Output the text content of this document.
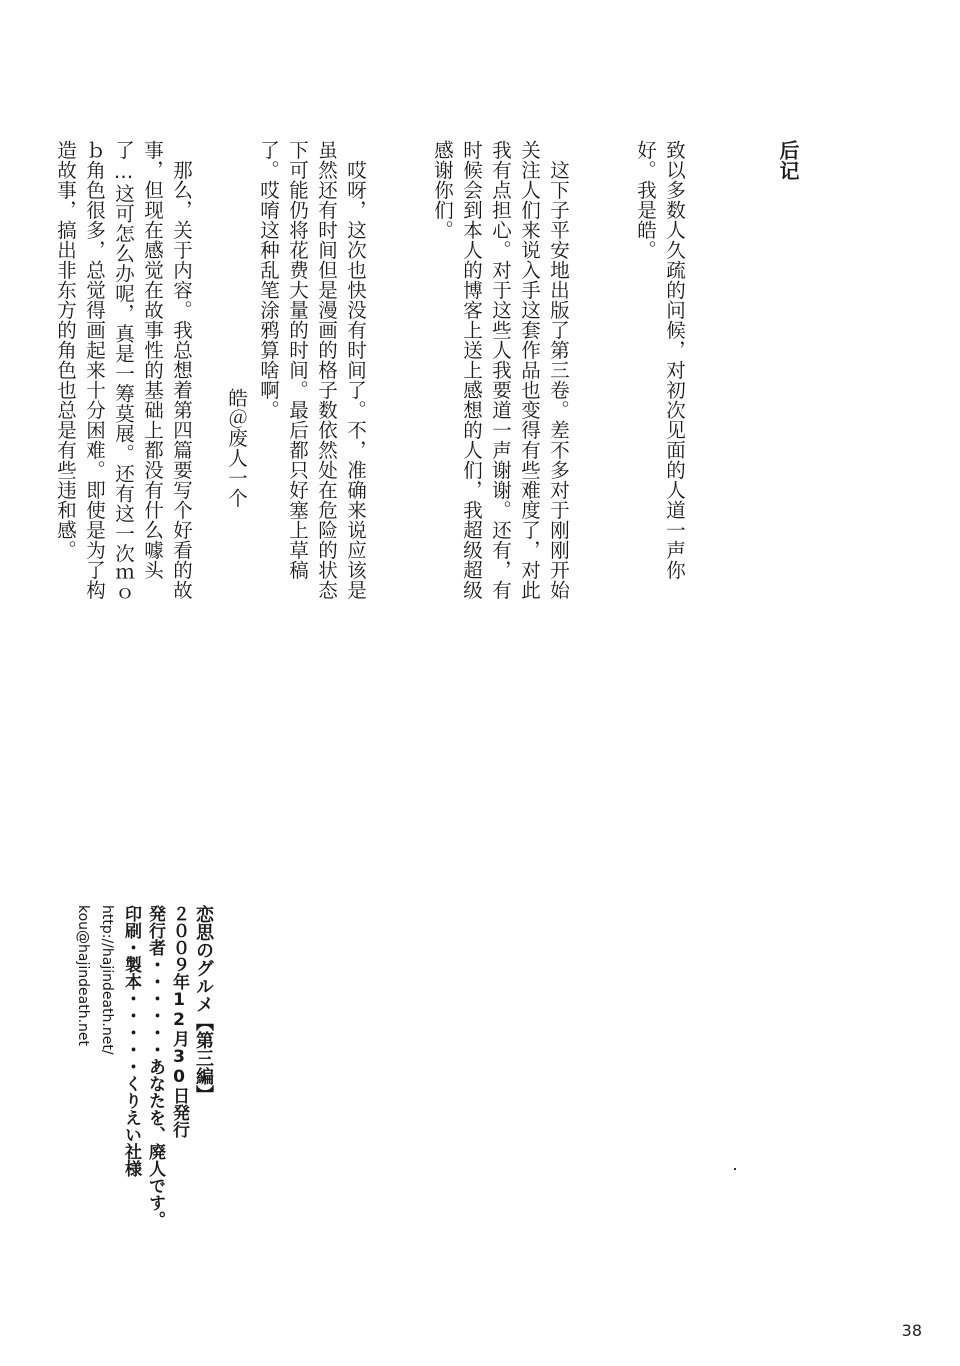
后记

致以多数人久疏的问候，对初次见面的人道一声你好。我是皓。

　这下子平安地出版了第三卷。差不多对于刚刚开始关注人们来说入手这套作品也变得有些难度了，对此我有点担心。对于这些人我要道一声谢谢。还有，有时候会到本人的博客上送上感想的人们，我超级超级感谢你们。

　哎呀，这次也快没有时间了。不，准确来说应该是虽然还有时间但是漫画的格子数依然处在危险的状态下可能仍将花费大量的时间。最后都只好塞上草稿了。哎唷这种乱笔涂鸦算啥啊。

　那么，关于内容。我总想着第四篇要写个好看的故事，但现在感觉在故事性的基础上都没有什么噱头了…这可怎么办呢，真是一筹莫展。还有这一次ｍｏｂ角色很多，总觉得画起来十分困难。即使是为了构造故事，搞出非东方的角色也总是有些违和感。

	皓＠废人一个
恋思のグルメ【第三編】
２００９年12月30日発行
発行者・・・・・・あなたを、廃人です。
印刷・製本・・・・・くりえい社様
http://hajindeath.net/
kou@hajindeath.net
38
